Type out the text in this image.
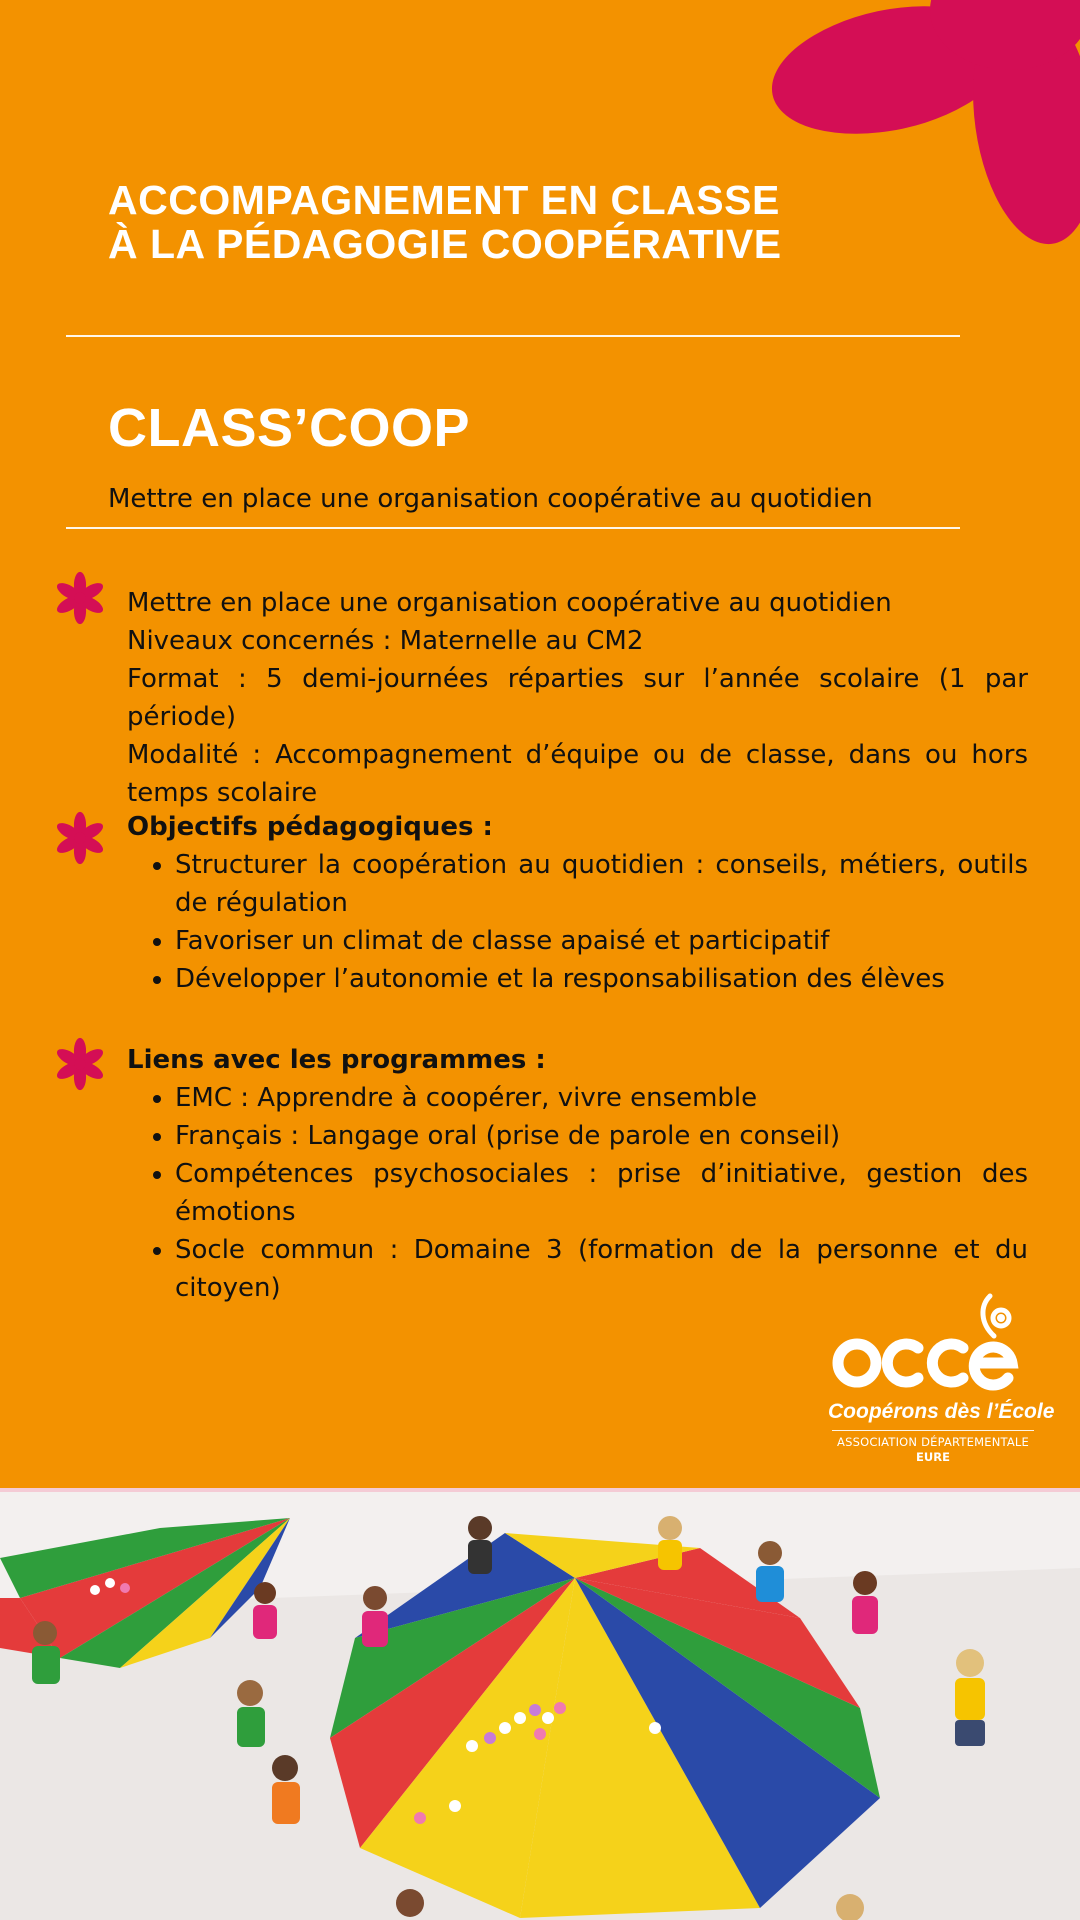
ACCOMPAGNEMENT EN CLASSE
À LA PÉDAGOGIE COOPÉRATIVE
CLASS’COOP
Mettre en place une organisation coopérative au quotidien

Mettre en place une organisation coopérative au quotidien

Niveaux concernés : Maternelle au CM2

Format : 5 demi-journées réparties sur l’année scolaire (1 par période)

Modalité : Accompagnement d’équipe ou de classe, dans ou hors temps scolaire

Objectifs pédagogiques :

• Structurer la coopération au quotidien : conseils, métiers, outils de régulation
• Favoriser un climat de classe apaisé et participatif
• Développer l’autonomie et la responsabilisation des élèves

Liens avec les programmes :

• EMC : Apprendre à coopérer, vivre ensemble
• Français : Langage oral (prise de parole en conseil)
• Compétences psychosociales : prise d’initiative, gestion des émotions
• Socle commun : Domaine 3 (formation de la personne et du citoyen)
Coopérons dès l’École
ASSOCIATION DÉPARTEMENTALE
EURE
